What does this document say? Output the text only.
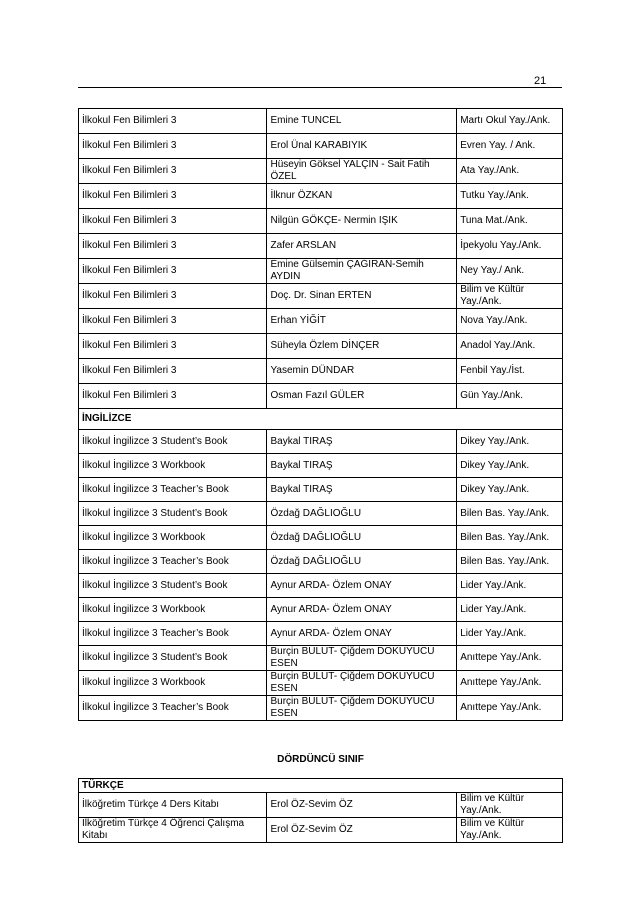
21
İlkokul Fen Bilimleri 3	Emine TUNCEL	Martı Okul Yay./Ank.
İlkokul Fen Bilimleri 3	Erol Ünal KARABIYIK	Evren Yay. / Ank.
İlkokul Fen Bilimleri 3	Hüseyin Göksel YALÇIN - Sait Fatih ÖZEL	Ata Yay./Ank.
İlkokul Fen Bilimleri 3	İlknur ÖZKAN	Tutku Yay./Ank.
İlkokul Fen Bilimleri 3	Nilgün GÖKÇE- Nermin IŞIK	Tuna Mat./Ank.
İlkokul Fen Bilimleri 3	Zafer ARSLAN	İpekyolu Yay./Ank.
İlkokul Fen Bilimleri 3	Emine Gülsemin ÇAĞIRAN-Semih AYDIN	Ney Yay./ Ank.
İlkokul Fen Bilimleri 3	Doç. Dr. Sinan ERTEN	Bilim ve Kültür Yay./Ank.
İlkokul Fen Bilimleri 3	Erhan YİĞİT	Nova Yay./Ank.
İlkokul Fen Bilimleri 3	Süheyla Özlem DİNÇER	Anadol Yay./Ank.
İlkokul Fen Bilimleri 3	Yasemin DÜNDAR	Fenbil Yay./İst.
İlkokul Fen Bilimleri 3	Osman Fazıl GÜLER	Gün Yay./Ank.
İNGİLİZCE		
İlkokul İngilizce 3 Student’s Book	Baykal TIRAŞ	Dikey Yay./Ank.
İlkokul İngilizce 3 Workbook	Baykal TIRAŞ	Dikey Yay./Ank.
İlkokul İngilizce 3 Teacher’s Book	Baykal TIRAŞ	Dikey Yay./Ank.
İlkokul İngilizce 3 Student’s Book	Özdağ DAĞLIOĞLU	Bilen Bas. Yay./Ank.
İlkokul İngilizce 3 Workbook	Özdağ DAĞLIOĞLU	Bilen Bas. Yay./Ank.
İlkokul İngilizce 3 Teacher’s Book	Özdağ DAĞLIOĞLU	Bilen Bas. Yay./Ank.
İlkokul İngilizce 3 Student’s Book	Aynur ARDA- Özlem ONAY	Lider Yay./Ank.
İlkokul İngilizce 3 Workbook	Aynur ARDA- Özlem ONAY	Lider Yay./Ank.
İlkokul İngilizce 3 Teacher’s Book	Aynur ARDA- Özlem ONAY	Lider Yay./Ank.
İlkokul İngilizce 3 Student’s Book	Burçin BULUT- Çiğdem DOKUYUCU ESEN	Anıttepe Yay./Ank.
İlkokul İngilizce 3 Workbook	Burçin BULUT- Çiğdem DOKUYUCU ESEN	Anıttepe Yay./Ank.
İlkokul İngilizce 3 Teacher’s Book	Burçin BULUT- Çiğdem DOKUYUCU ESEN	Anıttepe Yay./Ank.
DÖRDÜNCÜ SINIF
TÜRKÇE		
İlköğretim Türkçe 4 Ders Kitabı	Erol ÖZ-Sevim ÖZ	Bilim ve Kültür Yay./Ank.
İlköğretim Türkçe 4 Öğrenci Çalışma Kitabı	Erol ÖZ-Sevim ÖZ	Bilim ve Kültür Yay./Ank.
